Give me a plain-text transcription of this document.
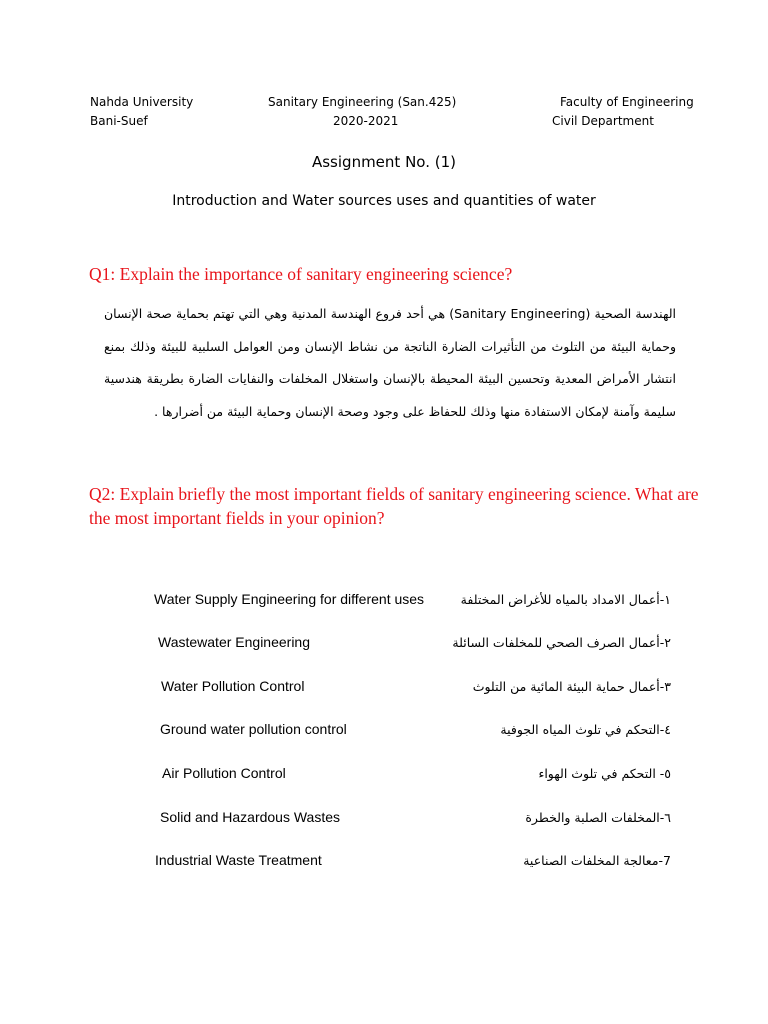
Nahda University
Bani-Suef
Sanitary Engineering (San.425)
2020-2021
Faculty of Engineering
Civil Department
Assignment No. (1)
Introduction and Water sources uses and quantities of water
Q1: Explain the importance of sanitary engineering science?
الهندسة الصحية (Sanitary Engineering) هي أحد فروع الهندسة المدنية وهي التي تهتم بحماية صحة الإنسان وحماية البيئة من التلوث من التأثيرات الضارة الناتجة من نشاط الإنسان ومن العوامل السلبية للبيئة وذلك بمنع انتشار الأمراض المعدية وتحسين البيئة المحيطة بالإنسان واستغلال المخلفات والنفايات الضارة بطريقة هندسية سليمة وآمنة لإمكان الاستفادة منها وذلك للحفاظ على وجود وصحة الإنسان وحماية البيئة من أضرارها .
Q2: Explain briefly the most important fields of sanitary engineering science. What are the most important fields in your opinion?
Water Supply Engineering for different uses	١-أعمال الامداد بالمياه للأغراض المختلفة
Wastewater Engineering	٢-أعمال الصرف الصحي للمخلفات السائلة
Water Pollution Control	٣-أعمال حماية البيئة المائية من التلوث
Ground water pollution control	٤-التحكم في تلوث المياه الجوفية
Air Pollution Control	٥- التحكم في تلوث الهواء
Solid and Hazardous Wastes	٦-المخلفات الصلبة والخطرة
Industrial Waste Treatment	7-معالجة المخلفات الصناعية
